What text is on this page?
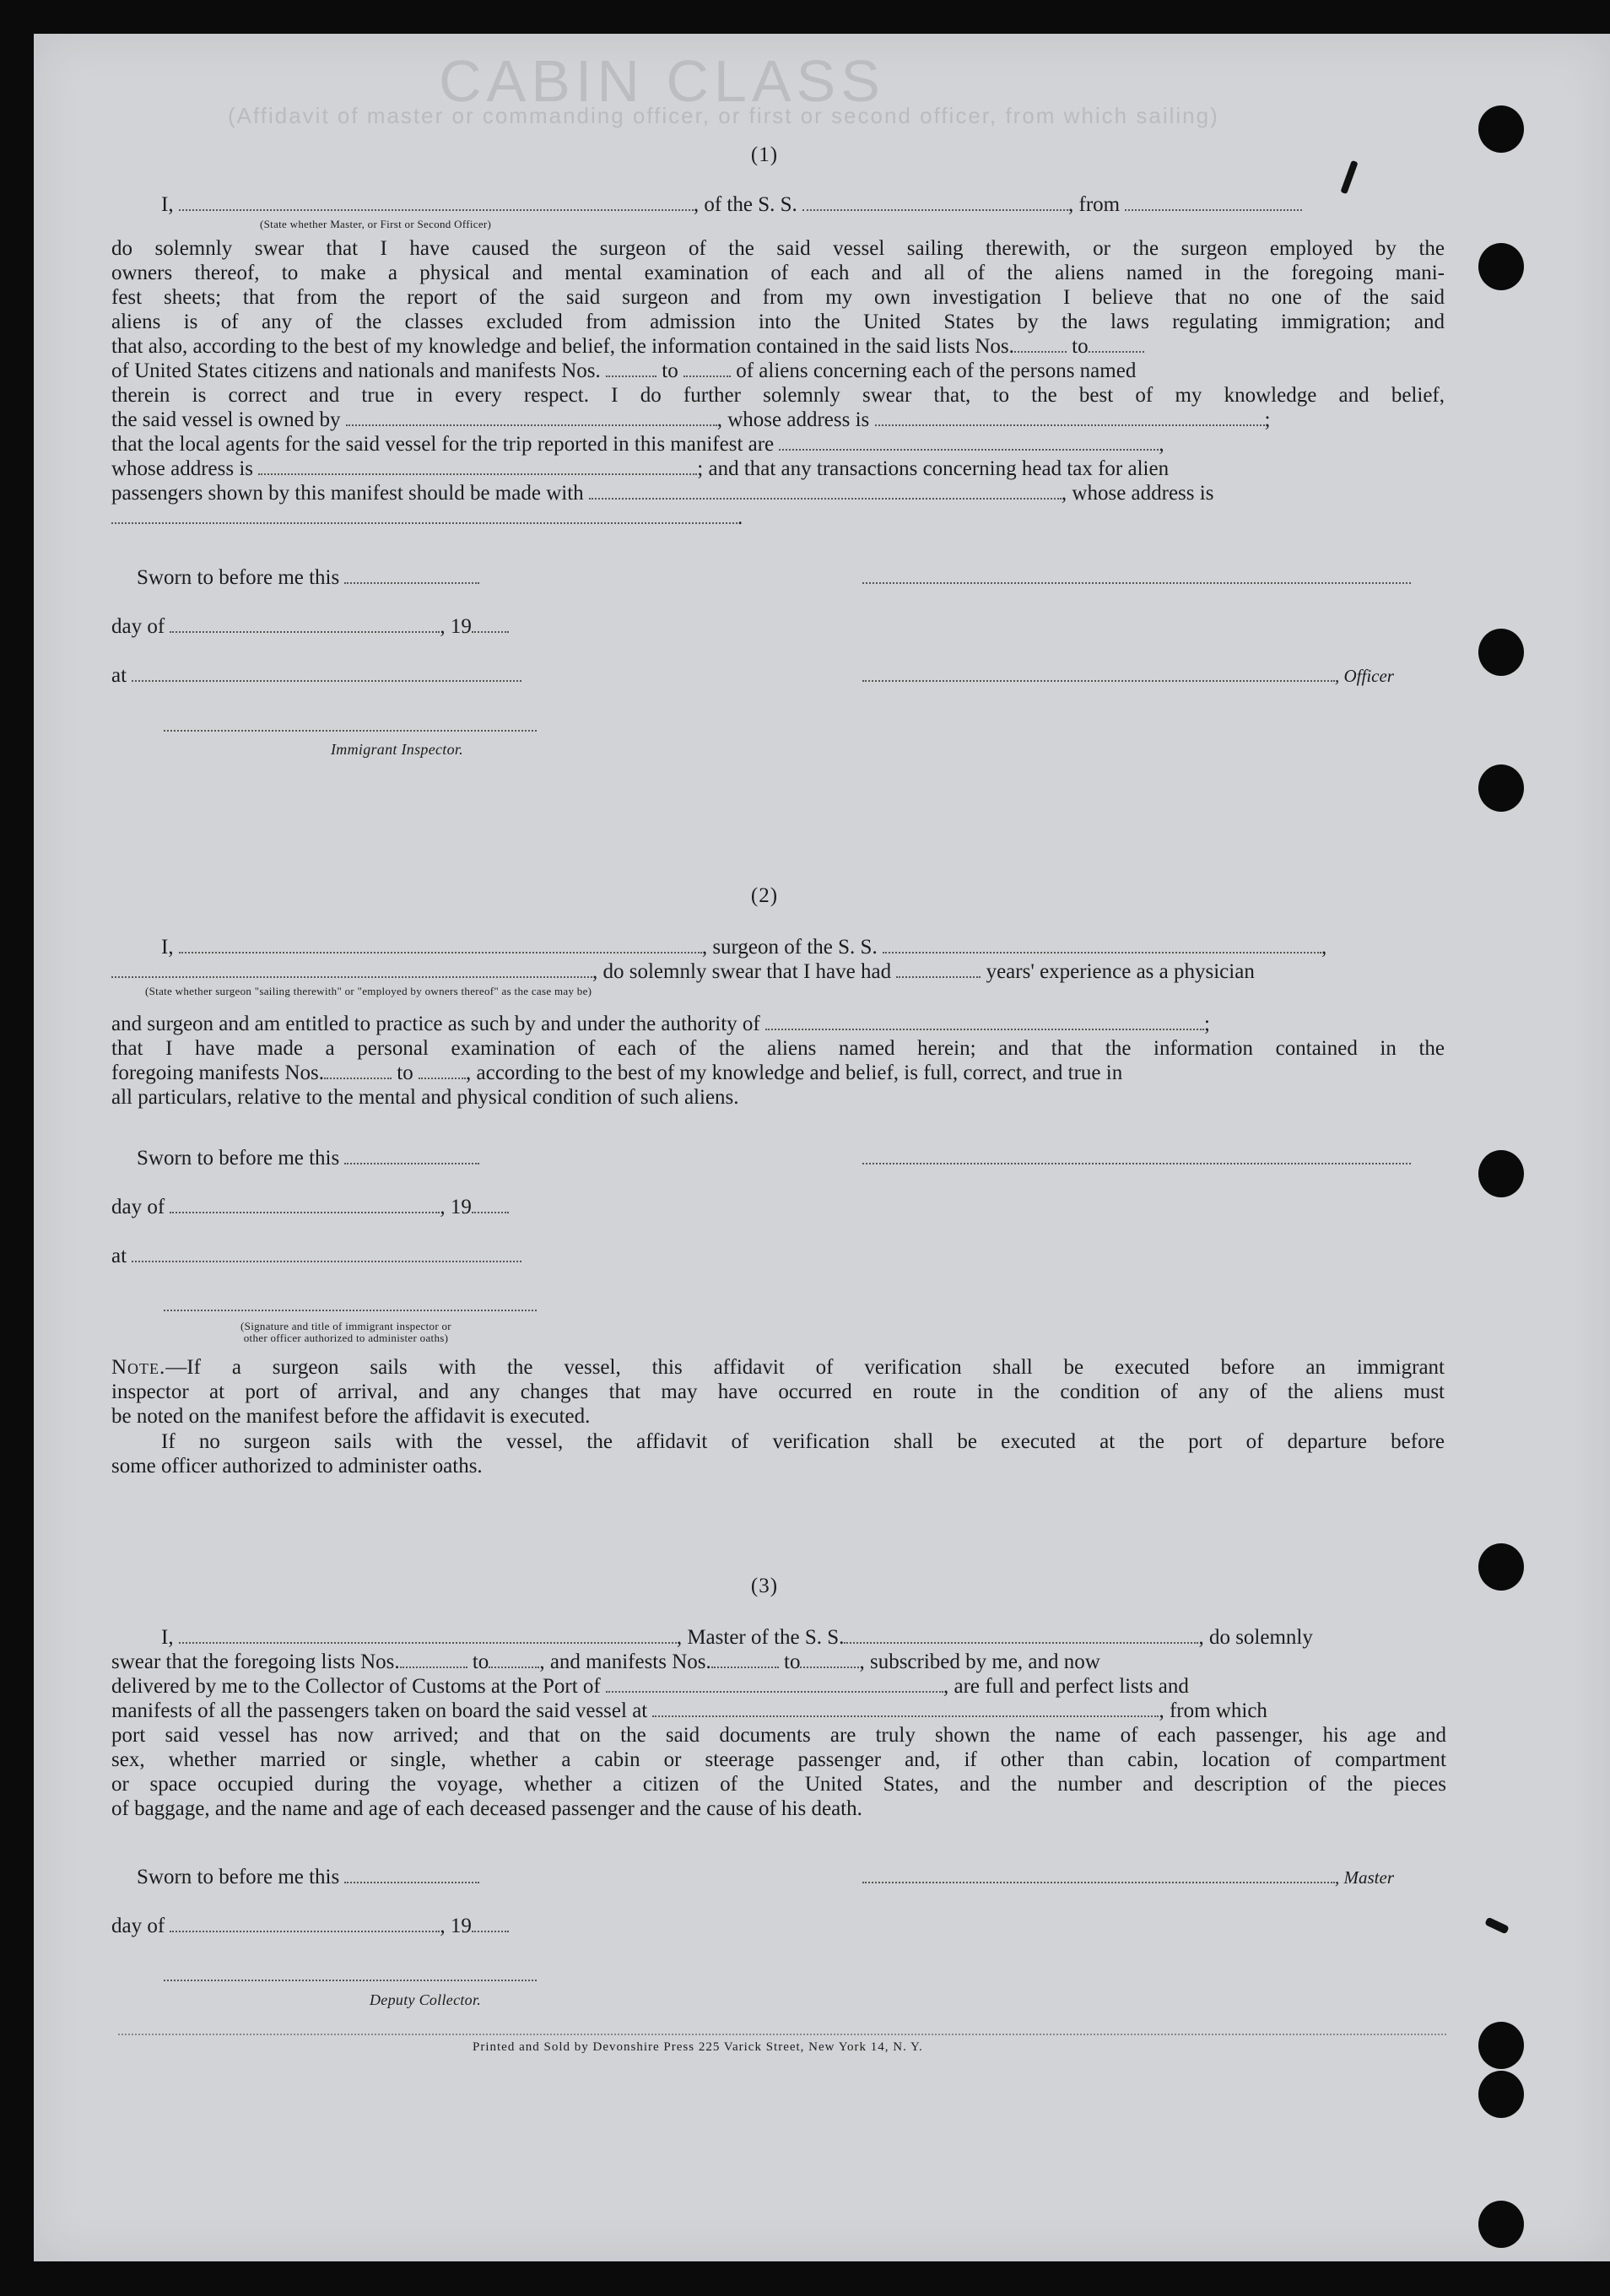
CABIN CLASS
(Affidavit of master or commanding officer, or first or second officer, from which sailing)
(1)
I,	, of the S. S.	, from
(State whether Master, or First or Second Officer)
do solemnly swear that I have caused the surgeon of the said vessel sailing therewith, or the surgeon employed by the
owners thereof, to make a physical and mental examination of each and all of the aliens named in the foregoing mani-
fest sheets; that from the report of the said surgeon and from my own investigation I believe that no one of the said
aliens is of any of the classes excluded from admission into the United States by the laws regulating immigration; and
that also, according to the best of my knowledge and belief, the information contained in the said lists Nos.	to
of United States citizens and nationals and manifests Nos.	to	of aliens concerning each of the persons named
therein is correct and true in every respect. I do further solemnly swear that, to the best of my knowledge and belief,
the said vessel is owned by	, whose address is	;
that the local agents for the said vessel for the trip reported in this manifest are	,
whose address is	; and that any transactions concerning head tax for alien
passengers shown by this manifest should be made with	, whose address is
.
Sworn to before me this
day of	, 19
at	, Officer
Immigrant Inspector.
(2)
I,	, surgeon of the S. S.	,
, do solemnly swear that I have had	years' experience as a physician
(State whether surgeon "sailing therewith" or "employed by owners thereof" as the case may be)
and surgeon and am entitled to practice as such by and under the authority of	;
that I have made a personal examination of each of the aliens named herein; and that the information contained in the
foregoing manifests Nos.	to , according to the best of my knowledge and belief, is full, correct, and true in
all particulars, relative to the mental and physical condition of such aliens.
Sworn to before me this
day of	, 19
at
(Signature and title of immigrant inspector or
other officer authorized to administer oaths)
Note.—If a surgeon sails with the vessel, this affidavit of verification shall be executed before an immigrant
inspector at port of arrival, and any changes that may have occurred en route in the condition of any of the aliens must
be noted on the manifest before the affidavit is executed.
If no surgeon sails with the vessel, the affidavit of verification shall be executed at the port of departure before
some officer authorized to administer oaths.
(3)
I,	, Master of the S. S.	, do solemnly
swear that the foregoing lists Nos.	to , and manifests Nos.	to	, subscribed by me, and now
delivered by me to the Collector of Customs at the Port of	, are full and perfect lists and
manifests of all the passengers taken on board the said vessel at	, from which
port said vessel has now arrived; and that on the said documents are truly shown the name of each passenger, his age and
sex, whether married or single, whether a cabin or steerage passenger and, if other than cabin, location of compartment
or space occupied during the voyage, whether a citizen of the United States, and the number and description of the pieces
of baggage, and the name and age of each deceased passenger and the cause of his death.
Sworn to before me this	, Master
day of	, 19
Deputy Collector.
Printed and Sold by Devonshire Press 225 Varick Street, New York 14, N. Y.
